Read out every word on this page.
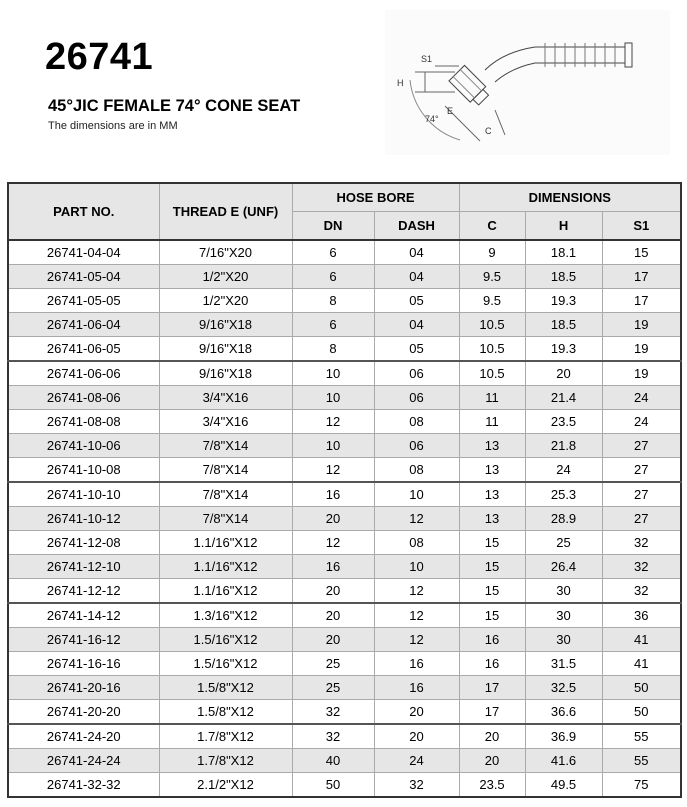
26741
45°JIC FEMALE 74° CONE SEAT
The dimensions are in MM
S1
H
E
C
74°
PART NO.	THREAD E (UNF)	HOSE BORE		DIMENSIONS		
		DN	DASH	C	H	S1
26741-04-04	7/16"X20	6	04	9	18.1	15
26741-05-04	1/2"X20	6	04	9.5	18.5	17
26741-05-05	1/2"X20	8	05	9.5	19.3	17
26741-06-04	9/16"X18	6	04	10.5	18.5	19
26741-06-05	9/16"X18	8	05	10.5	19.3	19
26741-06-06	9/16"X18	10	06	10.5	20	19
26741-08-06	3/4"X16	10	06	11	21.4	24
26741-08-08	3/4"X16	12	08	11	23.5	24
26741-10-06	7/8"X14	10	06	13	21.8	27
26741-10-08	7/8"X14	12	08	13	24	27
26741-10-10	7/8"X14	16	10	13	25.3	27
26741-10-12	7/8"X14	20	12	13	28.9	27
26741-12-08	1.1/16"X12	12	08	15	25	32
26741-12-10	1.1/16"X12	16	10	15	26.4	32
26741-12-12	1.1/16"X12	20	12	15	30	32
26741-14-12	1.3/16"X12	20	12	15	30	36
26741-16-12	1.5/16"X12	20	12	16	30	41
26741-16-16	1.5/16"X12	25	16	16	31.5	41
26741-20-16	1.5/8"X12	25	16	17	32.5	50
26741-20-20	1.5/8"X12	32	20	17	36.6	50
26741-24-20	1.7/8"X12	32	20	20	36.9	55
26741-24-24	1.7/8"X12	40	24	20	41.6	55
26741-32-32	2.1/2"X12	50	32	23.5	49.5	75
